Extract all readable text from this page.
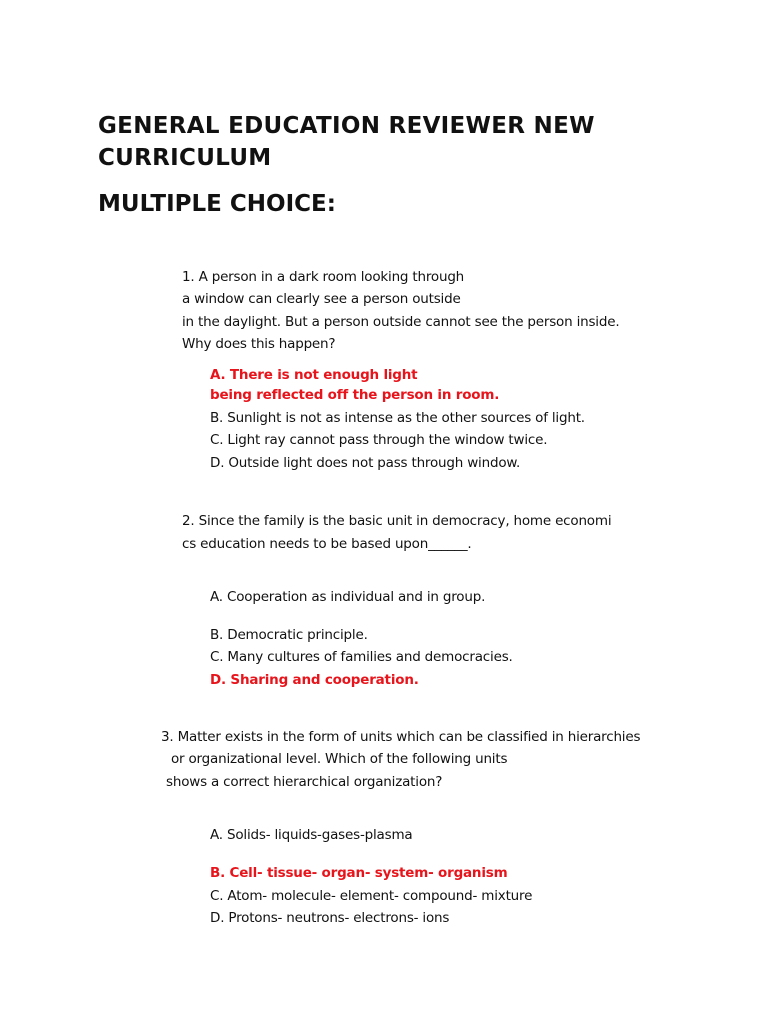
GENERAL EDUCATION REVIEWER NEW CURRICULUM
MULTIPLE CHOICE:
1. A person in a dark room looking through
a window can clearly see a person outside
in the daylight. But a person outside cannot see the person inside.
Why does this happen?
A. There is not enough light
being reflected off the person in room.
B. Sunlight is not as intense as the other sources of light.
C. Light ray cannot pass through the window twice.
D. Outside light does not pass through window.
2. Since the family is the basic unit in democracy, home economi
cs education needs to be based upon______.
A. Cooperation as individual and in group.
B. Democratic principle.
C. Many cultures of families and democracies.
D. Sharing and cooperation.
3. Matter exists in the form of units which can be classified in hierarchies
or organizational level. Which of the following units
shows a correct hierarchical organization?
A. Solids- liquids-gases-plasma
B. Cell- tissue- organ- system- organism
C. Atom- molecule- element- compound- mixture
D. Protons- neutrons- electrons- ions
